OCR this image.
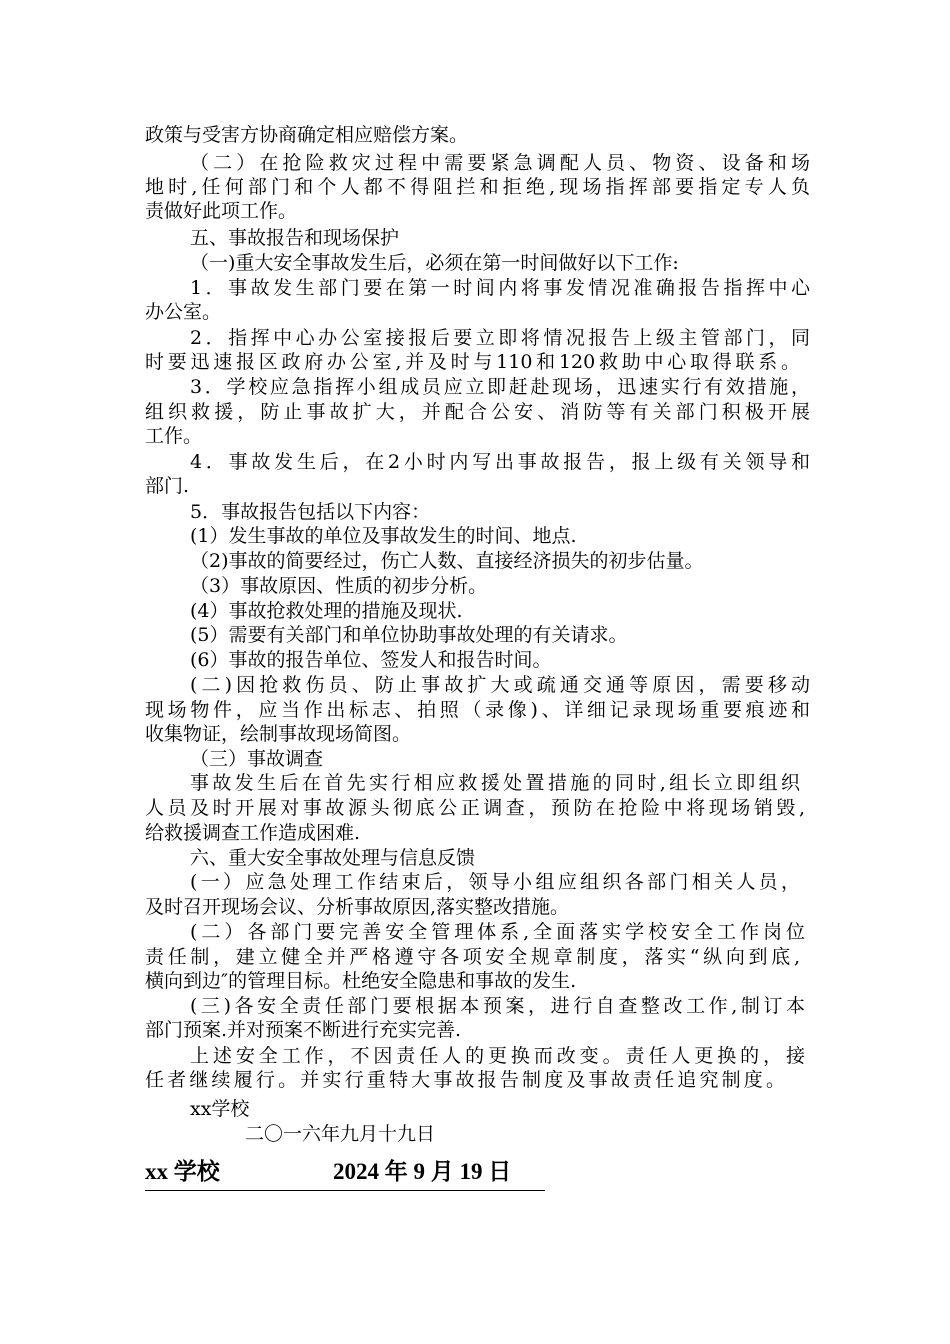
政策与受害方协商确定相应赔偿方案。
（二）在抢险救灾过程中需要紧急调配人员、物资、设备和场
地时,任何部门和个人都不得阻拦和拒绝,现场指挥部要指定专人负
责做好此项工作。
五、事故报告和现场保护
（一)重大安全事故发生后，必须在第一时间做好以下工作:
1．事故发生部门要在第一时间内将事发情况准确报告指挥中心
办公室。
2．指挥中心办公室接报后要立即将情况报告上级主管部门，同
时要迅速报区政府办公室,并及时与110和120救助中心取得联系。
3．学校应急指挥小组成员应立即赶赴现场，迅速实行有效措施，
组织救援，防止事故扩大，并配合公安、消防等有关部门积极开展
工作。
4．事故发生后，在2小时内写出事故报告，报上级有关领导和
部门.
5．事故报告包括以下内容：
(1）发生事故的单位及事故发生的时间、地点.
（2)事故的简要经过，伤亡人数、直接经济损失的初步估量。
（3）事故原因、性质的初步分析。
(4）事故抢救处理的措施及现状.
(5）需要有关部门和单位协助事故处理的有关请求。
(6）事故的报告单位、签发人和报告时间。
(二)因抢救伤员、防止事故扩大或疏通交通等原因，需要移动
现场物件，应当作出标志、拍照（录像)、详细记录现场重要痕迹和
收集物证，绘制事故现场简图。
（三）事故调查
事故发生后在首先实行相应救援处置措施的同时,组长立即组织
人员及时开展对事故源头彻底公正调查，预防在抢险中将现场销毁,
给救援调查工作造成困难.
六、重大安全事故处理与信息反馈
(一）应急处理工作结束后，领导小组应组织各部门相关人员，
及时召开现场会议、分析事故原因,落实整改措施。
(二）各部门要完善安全管理体系,全面落实学校安全工作岗位
责任制，建立健全并严格遵守各项安全规章制度，落实“纵向到底,
横向到边″的管理目标。杜绝安全隐患和事故的发生.
(三)各安全责任部门要根据本预案，进行自查整改工作,制订本
部门预案.并对预案不断进行充实完善.
上述安全工作，不因责任人的更换而改变。责任人更换的，接
任者继续履行。并实行重特大事故报告制度及事故责任追究制度。
xx学校
二〇一六年九月十九日
xx 学校	2024 年 9 月 19 日
